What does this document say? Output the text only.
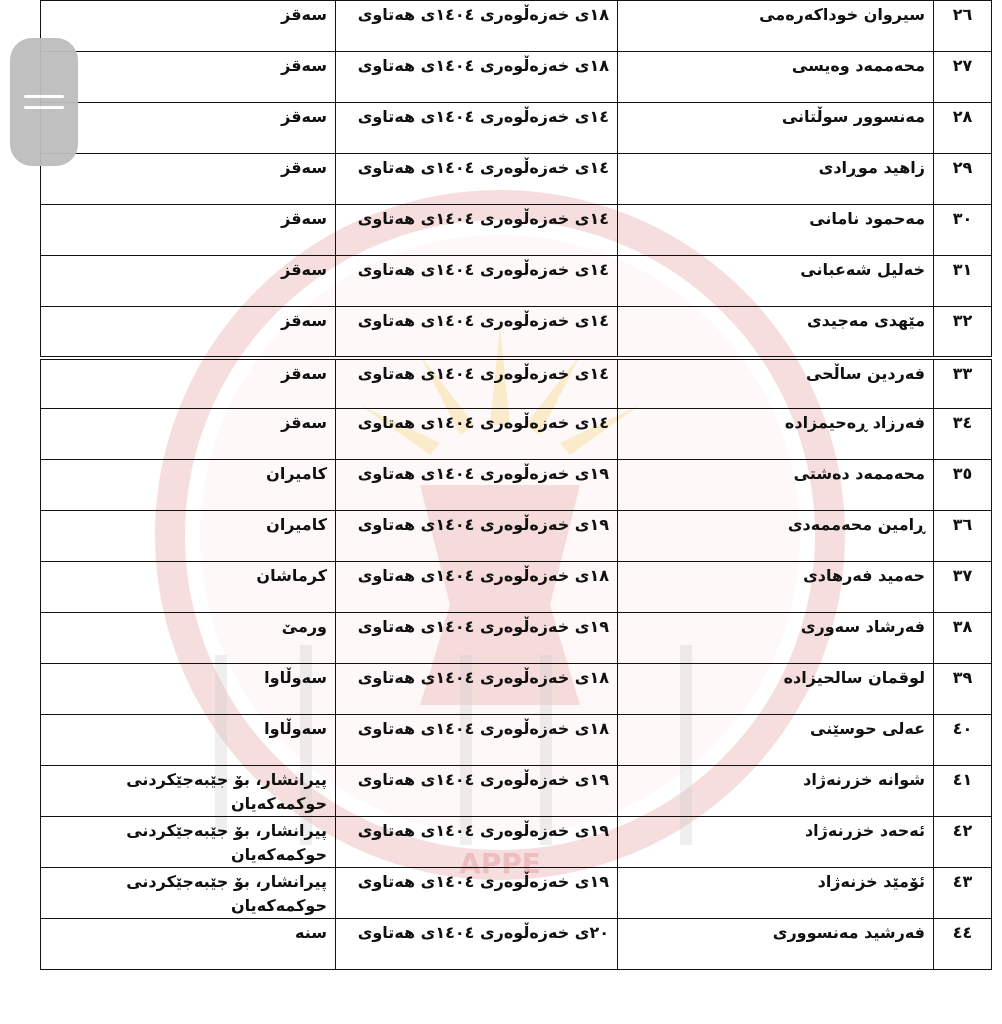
APPE
٢٦	سیروان خوداکەرەمی	١٨ی خەزەڵوەری ١٤٠٤ی هەتاوی	سەقز
٢٧	محەممەد وەیسی	١٨ی خەزەڵوەری ١٤٠٤ی هەتاوی	سەقز
٢٨	مەنسوور سوڵتانی	١٤ی خەزەڵوەری ١٤٠٤ی هەتاوی	سەقز
٢٩	زاهید موڕادی	١٤ی خەزەڵوەری ١٤٠٤ی هەتاوی	سەقز
٣٠	مەحمود نامانی	١٤ی خەزەڵوەری ١٤٠٤ی هەتاوی	سەقز
٣١	خەلیل شەعبانی	١٤ی خەزەڵوەری ١٤٠٤ی هەتاوی	سەقز
٣٢	مێهدی مەجیدی	١٤ی خەزەڵوەری ١٤٠٤ی هەتاوی	سەقز
٣٣	فەردین ساڵحی	١٤ی خەزەڵوەری ١٤٠٤ی هەتاوی	سەقز
٣٤	فەرزاد ڕەحیمزادە	١٤ی خەزەڵوەری ١٤٠٤ی هەتاوی	سەقز
٣٥	محەممەد دەشتی	١٩ی خەزەڵوەری ١٤٠٤ی هەتاوی	کامیران
٣٦	ڕامین محەممەدی	١٩ی خەزەڵوەری ١٤٠٤ی هەتاوی	کامیران
٣٧	حەمید فەرهادی	١٨ی خەزەڵوەری ١٤٠٤ی هەتاوی	کرماشان
٣٨	فەرشاد سەوری	١٩ی خەزەڵوەری ١٤٠٤ی هەتاوی	ورمێ
٣٩	لوقمان سالحیزادە	١٨ی خەزەڵوەری ١٤٠٤ی هەتاوی	سەوڵاوا
٤٠	عەلی حوسێنی	١٨ی خەزەڵوەری ١٤٠٤ی هەتاوی	سەوڵاوا
٤١	شوانە خزرنەژاد	١٩ی خەزەڵوەری ١٤٠٤ی هەتاوی	پیرانشار، بۆ جێبەجێکردنی حوکمەکەیان
٤٢	ئەحەد خزرنەژاد	١٩ی خەزەڵوەری ١٤٠٤ی هەتاوی	پیرانشار، بۆ جێبەجێکردنی حوکمەکەیان
٤٣	ئۆمێد خزنەژاد	١٩ی خەزەڵوەری ١٤٠٤ی هەتاوی	پیرانشار، بۆ جێبەجێکردنی حوکمەکەیان
٤٤	فەرشید مەنسووری	٢٠ی خەزەڵوەری ١٤٠٤ی هەتاوی	سنە
